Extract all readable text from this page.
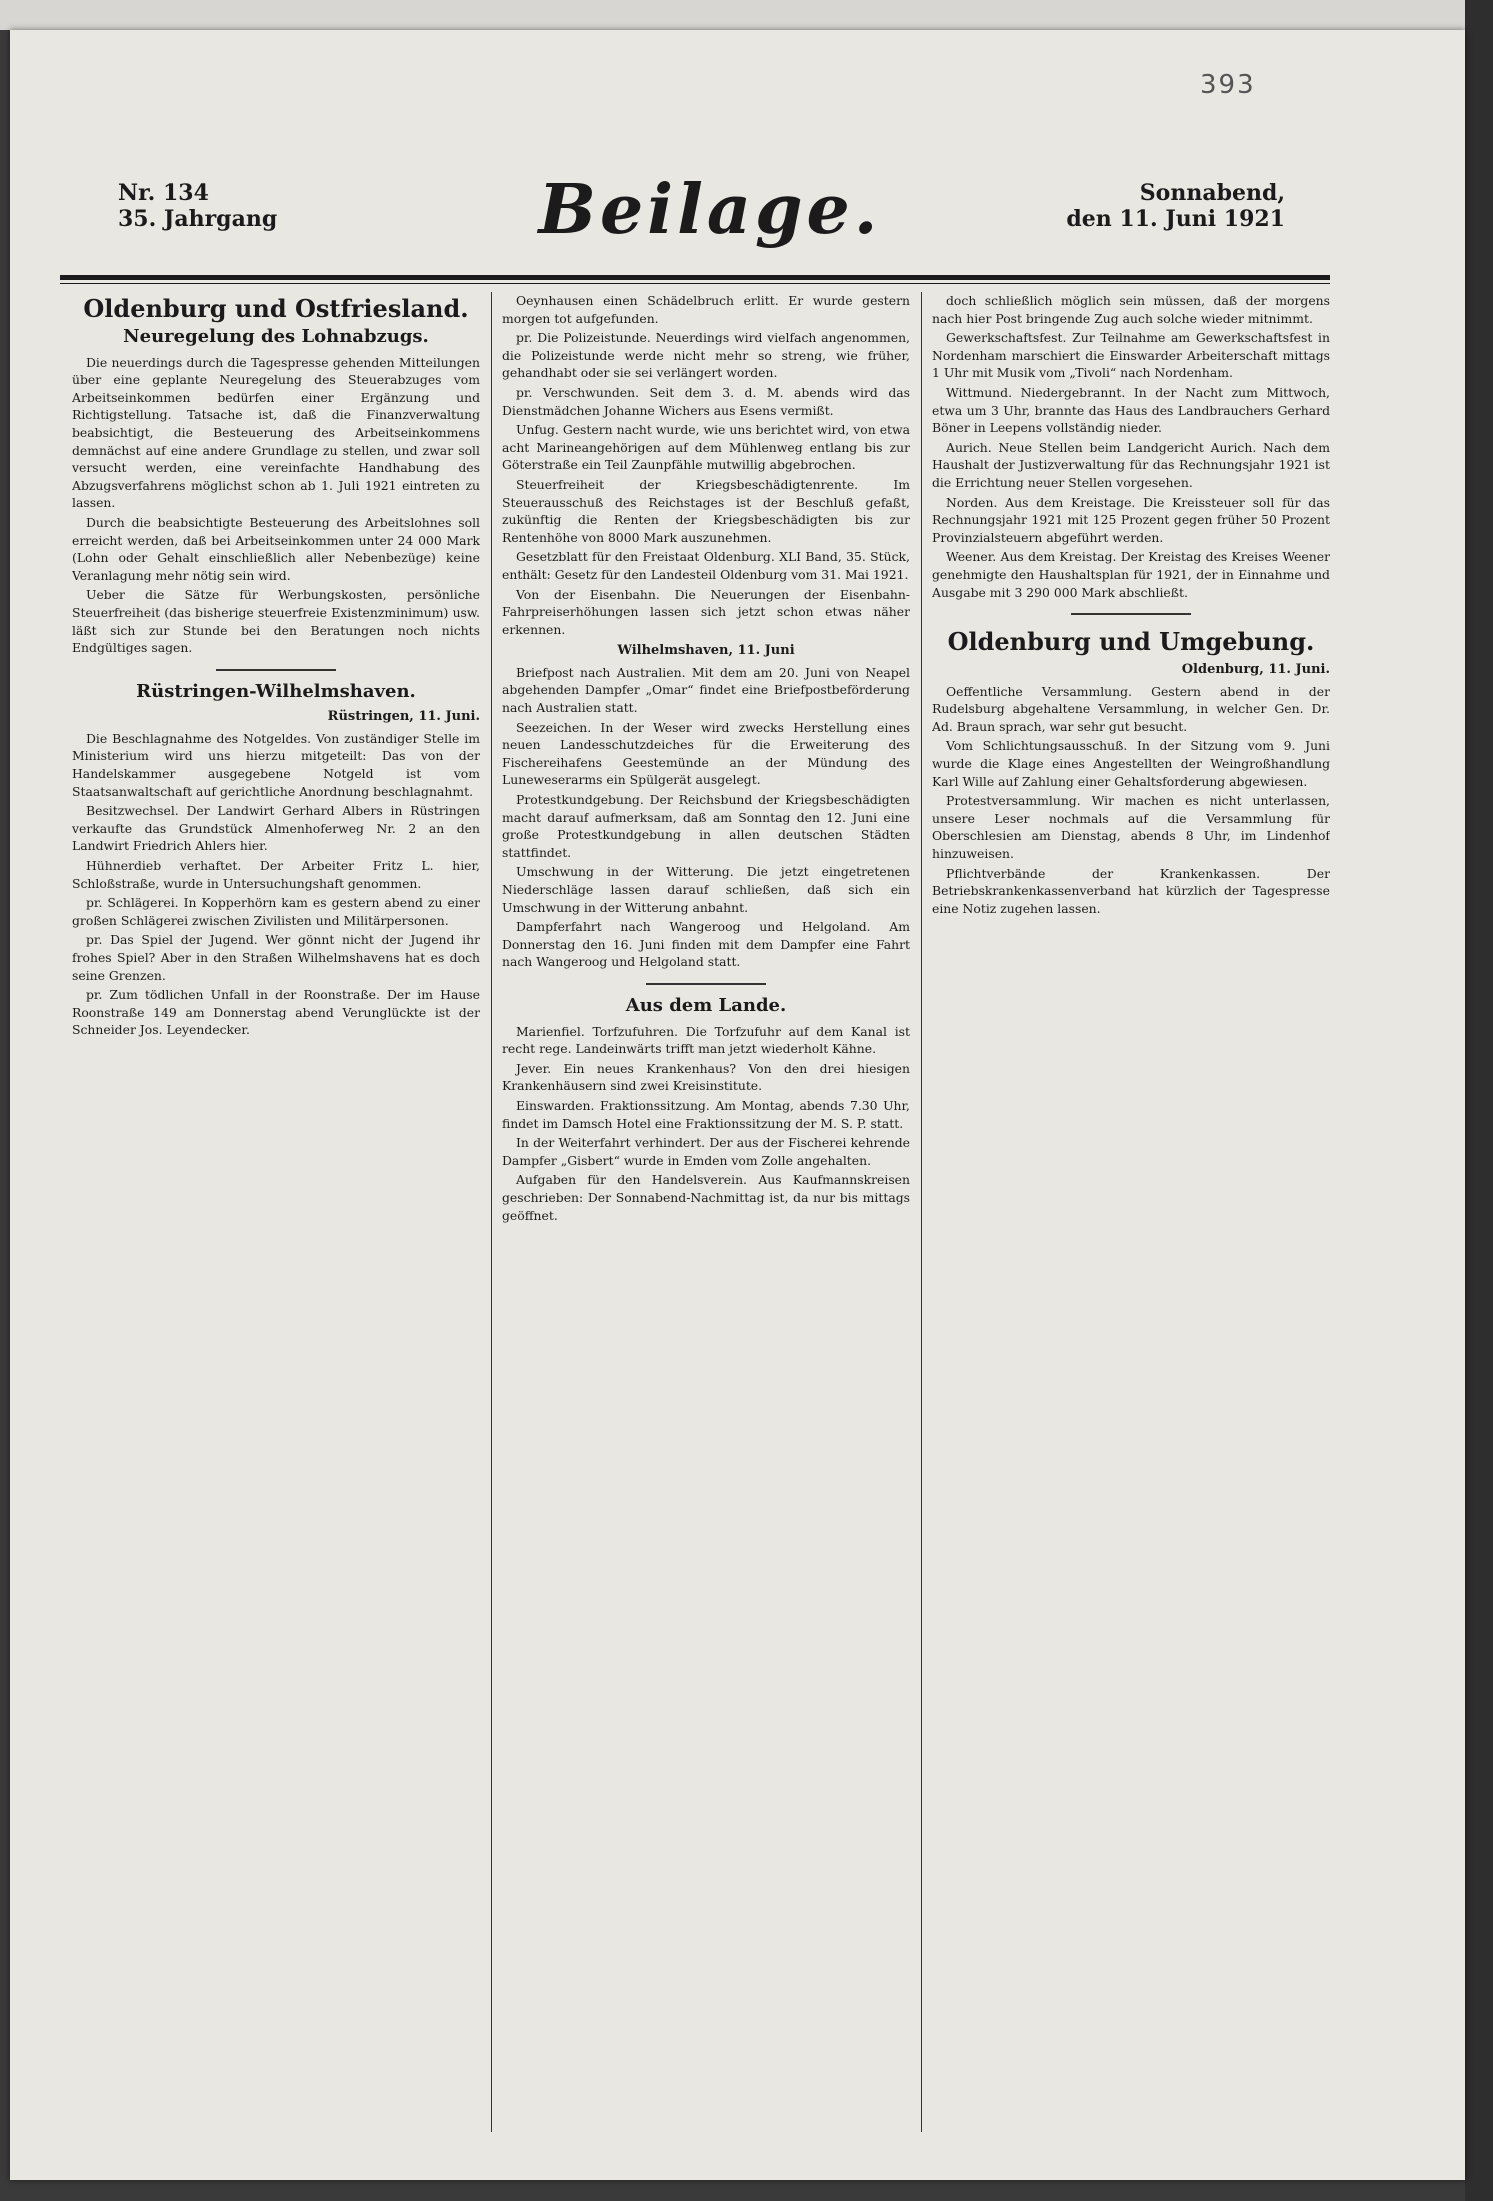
393
Nr. 134
35. Jahrgang	Beilage.	Sonnabend,
den 11. Juni 1921
Oldenburg und Ostfriesland.
Neuregelung des Lohnabzugs.

Die neuerdings durch die Tagespresse gehenden Mitteilungen über eine geplante Neuregelung des Steuerabzuges vom Arbeitseinkommen bedürfen einer Ergänzung und Richtigstellung. Tatsache ist, daß die Finanzverwaltung beabsichtigt, die Besteuerung des Arbeitseinkommens demnächst auf eine andere Grundlage zu stellen, und zwar soll versucht werden, eine vereinfachte Handhabung des Abzugsverfahrens möglichst schon ab 1. Juli 1921 eintreten zu lassen.

Durch die beabsichtigte Besteuerung des Arbeitslohnes soll erreicht werden, daß bei Arbeitseinkommen unter 24 000 Mark (Lohn oder Gehalt einschließlich aller Nebenbezüge) keine Veranlagung mehr nötig sein wird.

Ueber die Sätze für Werbungskosten, persönliche Steuerfreiheit (das bisherige steuerfreie Existenzminimum) usw. läßt sich zur Stunde bei den Beratungen noch nichts Endgültiges sagen.

Rüstringen-Wilhelmshaven.
Rüstringen, 11. Juni.

Die Beschlagnahme des Notgeldes. Von zuständiger Stelle im Ministerium wird uns hierzu mitgeteilt: Das von der Handelskammer ausgegebene Notgeld ist vom Staatsanwaltschaft auf gerichtliche Anordnung beschlagnahmt.

Besitzwechsel. Der Landwirt Gerhard Albers in Rüstringen verkaufte das Grundstück Almenhoferweg Nr. 2 an den Landwirt Friedrich Ahlers hier.

Hühnerdieb verhaftet. Der Arbeiter Fritz L. hier, Schloßstraße, wurde in Untersuchungshaft genommen.

pr. Schlägerei. In Kopperhörn kam es gestern abend zu einer großen Schlägerei zwischen Zivilisten und Militärpersonen.

pr. Das Spiel der Jugend. Wer gönnt nicht der Jugend ihr frohes Spiel? Aber in den Straßen Wilhelmshavens hat es doch seine Grenzen.

pr. Zum tödlichen Unfall in der Roonstraße. Der im Hause Roonstraße 149 am Donnerstag abend Verunglückte ist der Schneider Jos. Leyendecker.

Oeynhausen einen Schädelbruch erlitt. Er wurde gestern morgen tot aufgefunden.

pr. Die Polizeistunde. Neuerdings wird vielfach angenommen, die Polizeistunde werde nicht mehr so streng, wie früher, gehandhabt oder sie sei verlängert worden.

pr. Verschwunden. Seit dem 3. d. M. abends wird das Dienstmädchen Johanne Wichers aus Esens vermißt.

Unfug. Gestern nacht wurde, wie uns berichtet wird, von etwa acht Marineangehörigen auf dem Mühlenweg entlang bis zur Göterstraße ein Teil Zaunpfähle mutwillig abgebrochen.

Steuerfreiheit der Kriegsbeschädigtenrente. Im Steuerausschuß des Reichstages ist der Beschluß gefaßt, zukünftig die Renten der Kriegsbeschädigten bis zur Rentenhöhe von 8000 Mark auszunehmen.

Gesetzblatt für den Freistaat Oldenburg. XLI Band, 35. Stück, enthält: Gesetz für den Landesteil Oldenburg vom 31. Mai 1921.

Von der Eisenbahn. Die Neuerungen der Eisenbahn-Fahrpreiserhöhungen lassen sich jetzt schon etwas näher erkennen.

Wilhelmshaven, 11. Juni

Briefpost nach Australien. Mit dem am 20. Juni von Neapel abgehenden Dampfer „Omar“ findet eine Briefpostbeförderung nach Australien statt.

Seezeichen. In der Weser wird zwecks Herstellung eines neuen Landesschutzdeiches für die Erweiterung des Fischereihafens Geestemünde an der Mündung des Luneweserarms ein Spülgerät ausgelegt.

Protestkundgebung. Der Reichsbund der Kriegsbeschädigten macht darauf aufmerksam, daß am Sonntag den 12. Juni eine große Protestkundgebung in allen deutschen Städten stattfindet.

Umschwung in der Witterung. Die jetzt eingetretenen Niederschläge lassen darauf schließen, daß sich ein Umschwung in der Witterung anbahnt.

Dampferfahrt nach Wangeroog und Helgoland. Am Donnerstag den 16. Juni finden mit dem Dampfer eine Fahrt nach Wangeroog und Helgoland statt.

Aus dem Lande.

Marienfiel. Torfzufuhren. Die Torfzufuhr auf dem Kanal ist recht rege. Landeinwärts trifft man jetzt wiederholt Kähne.

Jever. Ein neues Krankenhaus? Von den drei hiesigen Krankenhäusern sind zwei Kreisinstitute.

Einswarden. Fraktionssitzung. Am Montag, abends 7.30 Uhr, findet im Damsch Hotel eine Fraktionssitzung der M. S. P. statt.

In der Weiterfahrt verhindert. Der aus der Fischerei kehrende Dampfer „Gisbert“ wurde in Emden vom Zolle angehalten.

Aufgaben für den Handelsverein. Aus Kaufmannskreisen geschrieben: Der Sonnabend-Nachmittag ist, da nur bis mittags geöffnet.

doch schließlich möglich sein müssen, daß der morgens nach hier Post bringende Zug auch solche wieder mitnimmt.

Gewerkschaftsfest. Zur Teilnahme am Gewerkschaftsfest in Nordenham marschiert die Einswarder Arbeiterschaft mittags 1 Uhr mit Musik vom „Tivoli“ nach Nordenham.

Wittmund. Niedergebrannt. In der Nacht zum Mittwoch, etwa um 3 Uhr, brannte das Haus des Landbrauchers Gerhard Böner in Leepens vollständig nieder.

Aurich. Neue Stellen beim Landgericht Aurich. Nach dem Haushalt der Justizverwaltung für das Rechnungsjahr 1921 ist die Errichtung neuer Stellen vorgesehen.

Norden. Aus dem Kreistage. Die Kreissteuer soll für das Rechnungsjahr 1921 mit 125 Prozent gegen früher 50 Prozent Provinzialsteuern abgeführt werden.

Weener. Aus dem Kreistag. Der Kreistag des Kreises Weener genehmigte den Haushaltsplan für 1921, der in Einnahme und Ausgabe mit 3 290 000 Mark abschließt.

Oldenburg und Umgebung.
Oldenburg, 11. Juni.

Oeffentliche Versammlung. Gestern abend in der Rudelsburg abgehaltene Versammlung, in welcher Gen. Dr. Ad. Braun sprach, war sehr gut besucht.

Vom Schlichtungsausschuß. In der Sitzung vom 9. Juni wurde die Klage eines Angestellten der Weingroßhandlung Karl Wille auf Zahlung einer Gehaltsforderung abgewiesen.

Protestversammlung. Wir machen es nicht unterlassen, unsere Leser nochmals auf die Versammlung für Oberschlesien am Dienstag, abends 8 Uhr, im Lindenhof hinzuweisen.

Pflichtverbände der Krankenkassen. Der Betriebskrankenkassenverband hat kürzlich der Tagespresse eine Notiz zugehen lassen.
